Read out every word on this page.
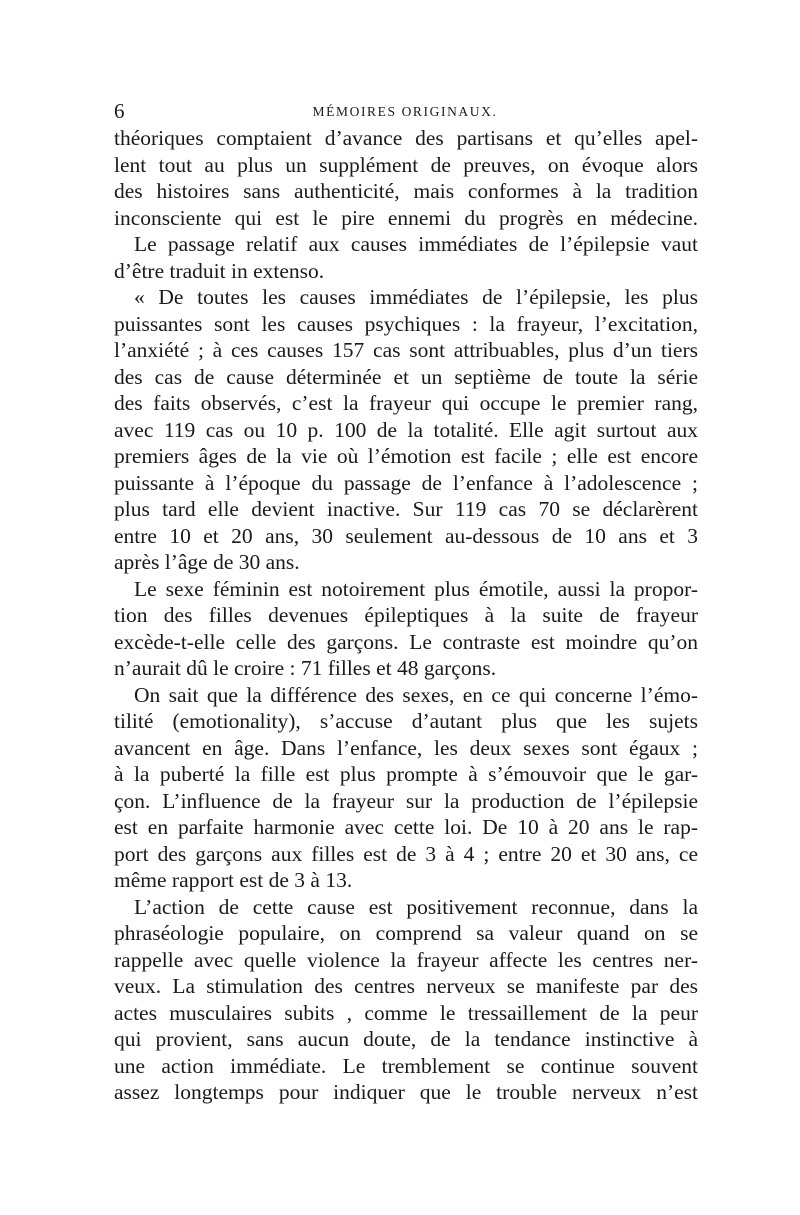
6	MÉMOIRES ORIGINAUX.
théoriques comptaient d’avance des partisans et qu’elles apel-
lent tout au plus un supplément de preuves, on évoque alors
des histoires sans authenticité, mais conformes à la tradition
inconsciente qui est le pire ennemi du progrès en médecine.
Le passage relatif aux causes immédiates de l’épilepsie vaut
d’être traduit in extenso.
« De toutes les causes immédiates de l’épilepsie, les plus
puissantes sont les causes psychiques : la frayeur, l’excitation,
l’anxiété ; à ces causes 157 cas sont attribuables, plus d’un tiers
des cas de cause déterminée et un septième de toute la série
des faits observés, c’est la frayeur qui occupe le premier rang,
avec 119 cas ou 10 p. 100 de la totalité. Elle agit surtout aux
premiers âges de la vie où l’émotion est facile ; elle est encore
puissante à l’époque du passage de l’enfance à l’adolescence ;
plus tard elle devient inactive. Sur 119 cas 70 se déclarèrent
entre 10 et 20 ans, 30 seulement au-dessous de 10 ans et 3
après l’âge de 30 ans.
Le sexe féminin est notoirement plus émotile, aussi la propor-
tion des filles devenues épileptiques à la suite de frayeur
excède-t-elle celle des garçons. Le contraste est moindre qu’on
n’aurait dû le croire : 71 filles et 48 garçons.
On sait que la différence des sexes, en ce qui concerne l’émo-
tilité (emotionality), s’accuse d’autant plus que les sujets
avancent en âge. Dans l’enfance, les deux sexes sont égaux ;
à la puberté la fille est plus prompte à s’émouvoir que le gar-
çon. L’influence de la frayeur sur la production de l’épilepsie
est en parfaite harmonie avec cette loi. De 10 à 20 ans le rap-
port des garçons aux filles est de 3 à 4 ; entre 20 et 30 ans, ce
même rapport est de 3 à 13.
L’action de cette cause est positivement reconnue, dans la
phraséologie populaire, on comprend sa valeur quand on se
rappelle avec quelle violence la frayeur affecte les centres ner-
veux. La stimulation des centres nerveux se manifeste par des
actes musculaires subits , comme le tressaillement de la peur
qui provient, sans aucun doute, de la tendance instinctive à
une action immédiate. Le tremblement se continue souvent
assez longtemps pour indiquer que le trouble nerveux n’est
